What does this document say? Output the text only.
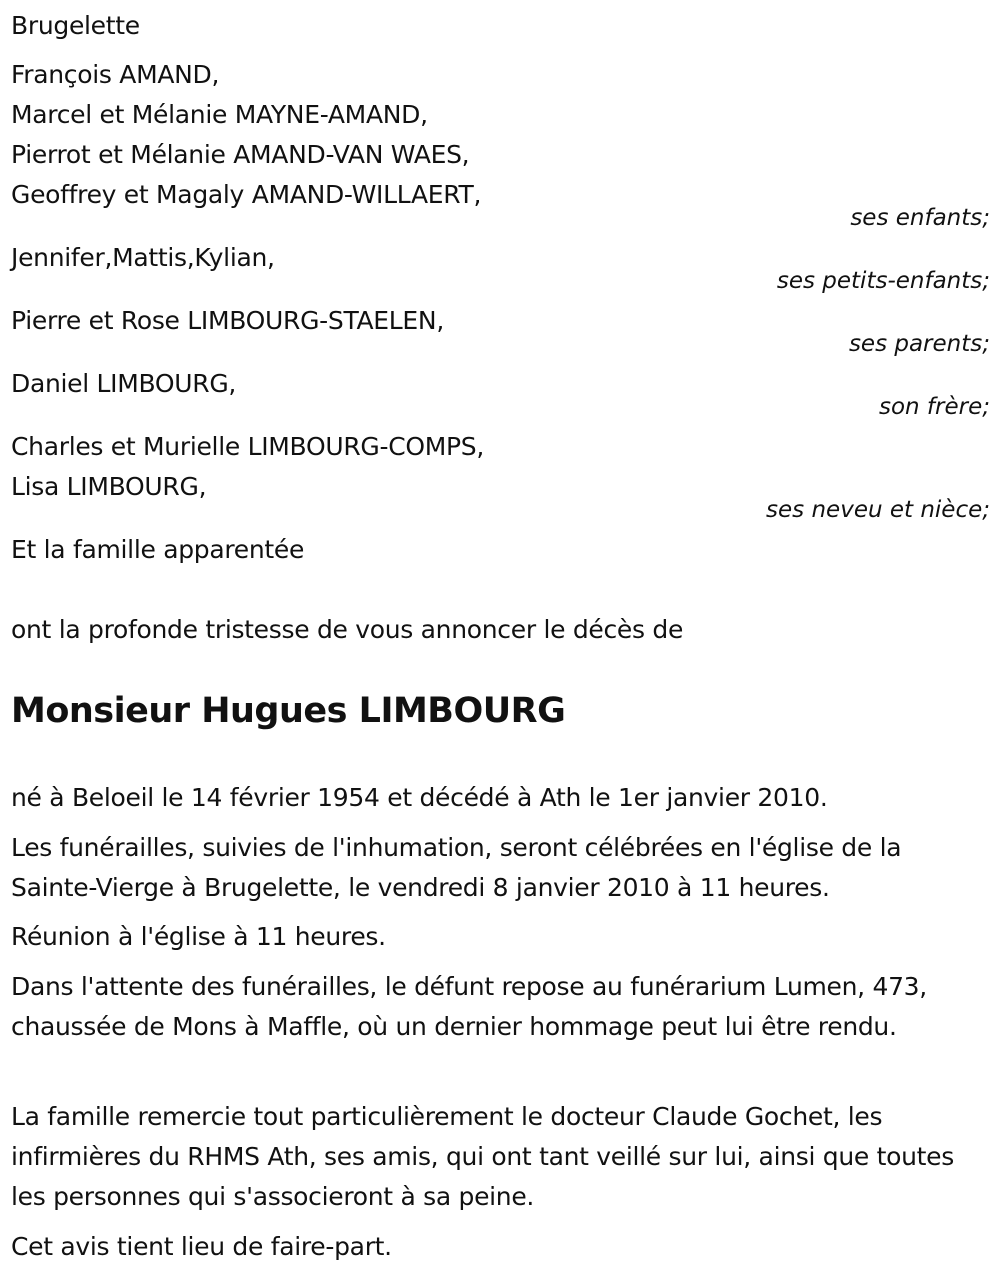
Brugelette
François AMAND,
Marcel et Mélanie MAYNE-AMAND,
Pierrot et Mélanie AMAND-VAN WAES,
Geoffrey et Magaly AMAND-WILLAERT,
ses enfants;
Jennifer,Mattis,Kylian,
ses petits-enfants;
Pierre et Rose LIMBOURG-STAELEN,
ses parents;
Daniel LIMBOURG,
son frère;
Charles et Murielle LIMBOURG-COMPS,
Lisa LIMBOURG,
ses neveu et nièce;
Et la famille apparentée
ont la profonde tristesse de vous annoncer le décès de
Monsieur Hugues LIMBOURG
né à Beloeil le 14 février 1954 et décédé à Ath le 1er janvier 2010.
Les funérailles, suivies de l'inhumation, seront célébrées en l'église de la Sainte-Vierge à Brugelette, le vendredi 8 janvier 2010 à 11 heures.
Réunion à l'église à 11 heures.
Dans l'attente des funérailles, le défunt repose au funérarium Lumen, 473, chaussée de Mons à Maffle, où un dernier hommage peut lui être rendu.
La famille remercie tout particulièrement le docteur Claude Gochet, les infirmières du RHMS Ath, ses amis, qui ont tant veillé sur lui, ainsi que toutes les personnes qui s'associeront à sa peine.
Cet avis tient lieu de faire-part.
